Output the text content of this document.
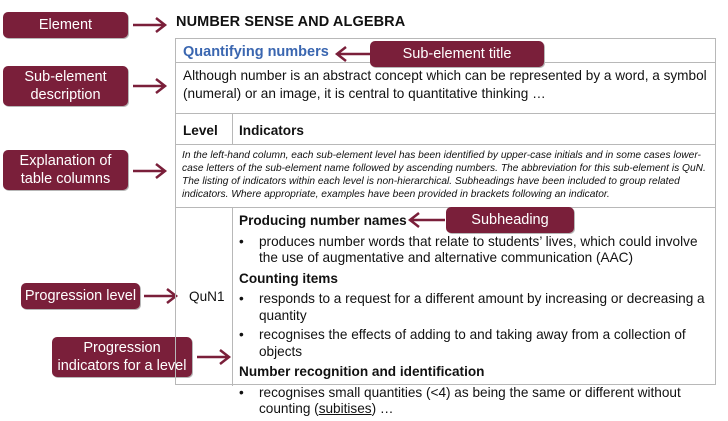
Element
Sub-element description
Explanation of table columns
Progression level
Progression indicators for a level
NUMBER SENSE AND ALGEBRA
Quantifying numbers
Although number is an abstract concept which can be represented by a word, a symbol (numeral) or an image, it is central to quantitative thinking …
Level Indicators
In the left-hand column, each sub-element level has been identified by upper-case initials and in some cases lower-case letters of the sub-element name followed by ascending numbers. The abbreviation for this sub-element is QuN. The listing of indicators within each level is non-hierarchical. Subheadings have been included to group related indicators. Where appropriate, examples have been provided in brackets following an indicator.
QuN1
Producing number names
•	produces number words that relate to students’ lives, which could involve the use of augmentative and alternative communication (AAC)
Counting items
•	responds to a request for a different amount by increasing or decreasing a quantity
•	recognises the effects of adding to and taking away from a collection of objects
Number recognition and identification
•	recognises small quantities (<4) as being the same or different without counting (subitises) …
Sub-element title
Subheading
